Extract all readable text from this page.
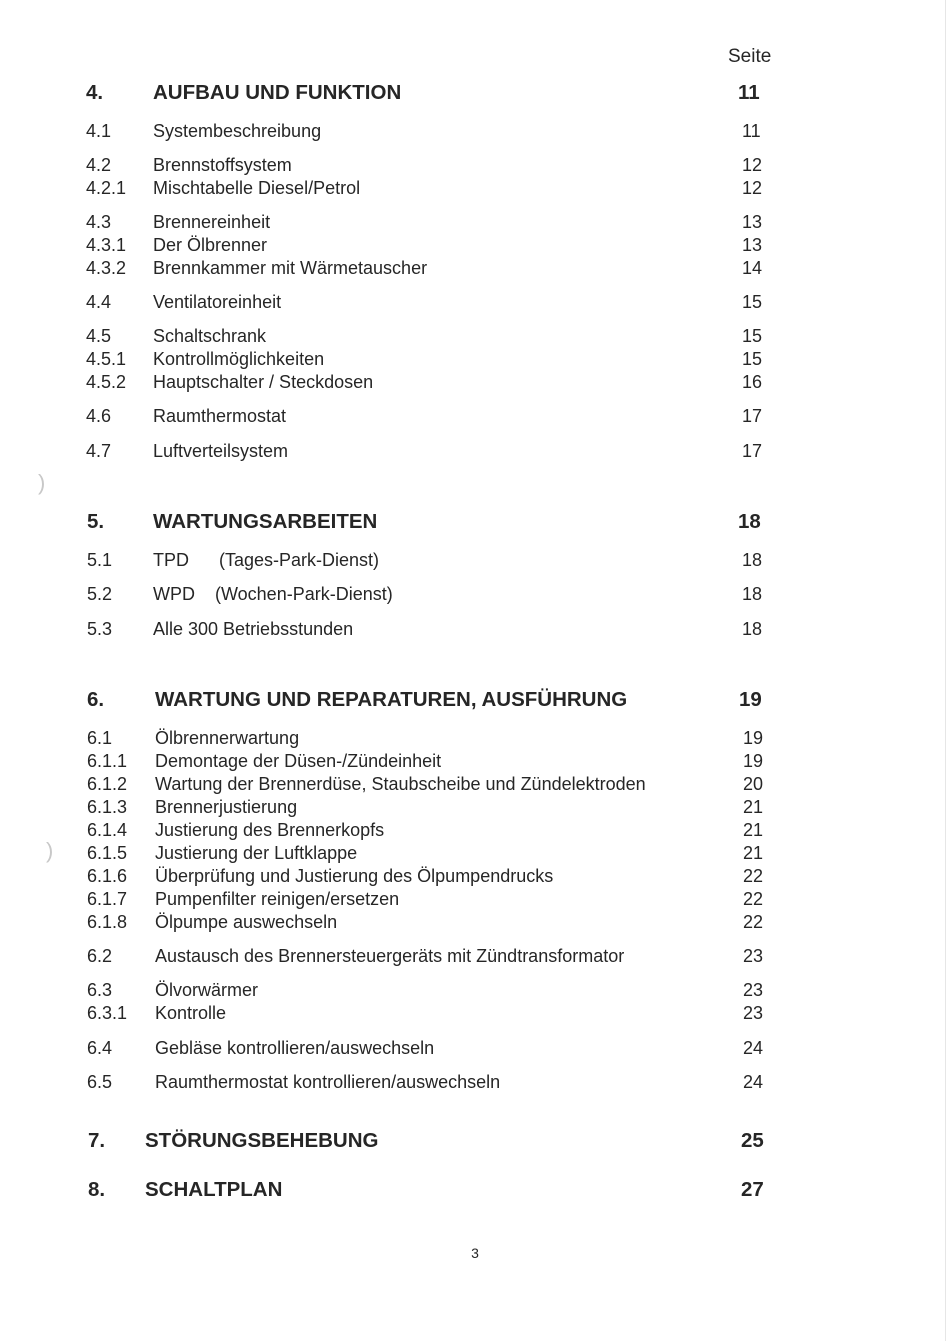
Seite
4. AUFBAU UND FUNKTION	11
4.1 Systembeschreibung	11
4.2 Brennstoffsystem	12
4.2.1 Mischtabelle Diesel/Petrol	12
4.3 Brennereinheit	13
4.3.1 Der Ölbrenner	13
4.3.2 Brennkammer mit Wärmetauscher	14
4.4 Ventilatoreinheit	15
4.5 Schaltschrank	15
4.5.1 Kontrollmöglichkeiten	15
4.5.2 Hauptschalter / Steckdosen	16
4.6 Raumthermostat	17
4.7 Luftverteilsystem	17
5. WARTUNGSARBEITEN	18
5.1 TPD      (Tages-Park-Dienst)	18
5.2 WPD    (Wochen-Park-Dienst)	18
5.3 Alle 300 Betriebsstunden	18
6. WARTUNG UND REPARATUREN, AUSFÜHRUNG	19
6.1 Ölbrennerwartung	19
6.1.1 Demontage der Düsen-/Zündeinheit	19
6.1.2 Wartung der Brennerdüse, Staubscheibe und Zündelektroden	20
6.1.3 Brennerjustierung	21
6.1.4 Justierung des Brennerkopfs	21
6.1.5 Justierung der Luftklappe	21
6.1.6 Überprüfung und Justierung des Ölpumpendrucks	22
6.1.7 Pumpenfilter reinigen/ersetzen	22
6.1.8 Ölpumpe auswechseln	22
6.2 Austausch des Brennersteuergeräts mit Zündtransformator	23
6.3 Ölvorwärmer	23
6.3.1 Kontrolle	23
6.4 Gebläse kontrollieren/auswechseln	24
6.5 Raumthermostat kontrollieren/auswechseln	24
7. STÖRUNGSBEHEBUNG	25
8. SCHALTPLAN	27
)
)
3
